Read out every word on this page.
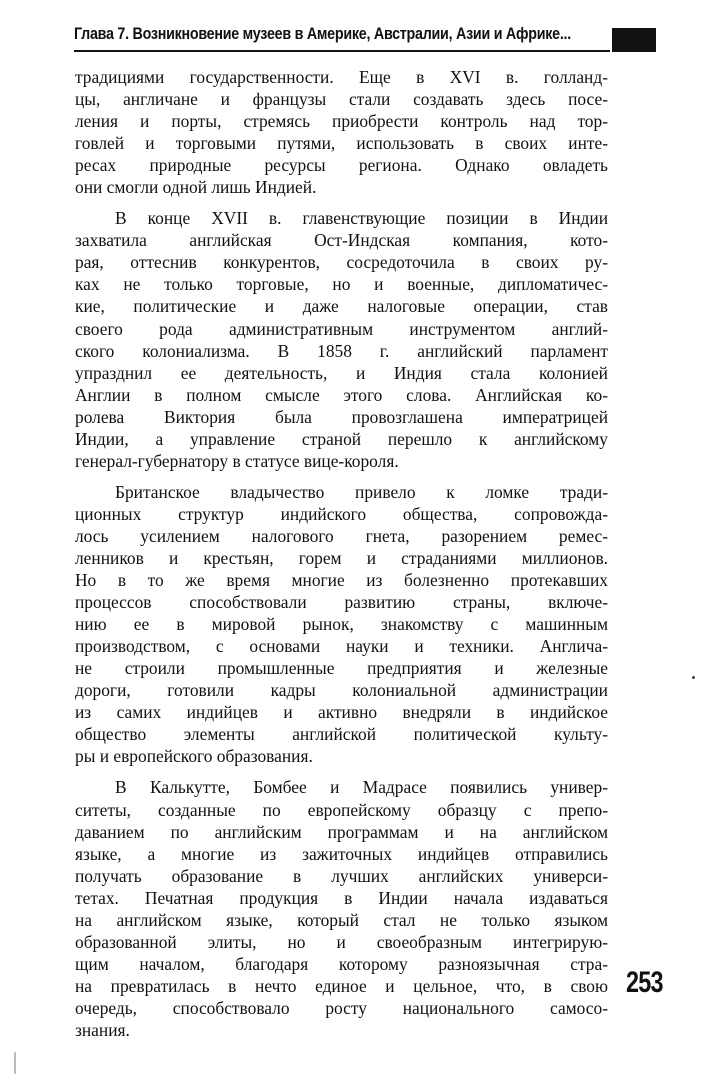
Глава 7. Возникновение музеев в Америке, Австралии, Азии и Африке...
традициями государственности. Еще в XVI в. голланд-
цы, англичане и французы стали создавать здесь посе-
ления и порты, стремясь приобрести контроль над тор-
говлей и торговыми путями, использовать в своих инте-
ресах природные ресурсы региона. Однако овладеть
они смогли одной лишь Индией.
В конце XVII в. главенствующие позиции в Индии
захватила английская Ост-Индская компания, кото-
рая, оттеснив конкурентов, сосредоточила в своих ру-
ках не только торговые, но и военные, дипломатичес-
кие, политические и даже налоговые операции, став
своего рода административным инструментом англий-
ского колониализма. В 1858 г. английский парламент
упразднил ее деятельность, и Индия стала колонией
Англии в полном смысле этого слова. Английская ко-
ролева Виктория была провозглашена императрицей
Индии, а управление страной перешло к английскому
генерал-губернатору в статусе вице-короля.
Британское владычество привело к ломке тради-
ционных структур индийского общества, сопровожда-
лось усилением налогового гнета, разорением ремес-
ленников и крестьян, горем и страданиями миллионов.
Но в то же время многие из болезненно протекавших
процессов способствовали развитию страны, включе-
нию ее в мировой рынок, знакомству с машинным
производством, с основами науки и техники. Англича-
не строили промышленные предприятия и железные
дороги, готовили кадры колониальной администрации
из самих индийцев и активно внедряли в индийское
общество элементы английской политической культу-
ры и европейского образования.
В Калькутте, Бомбее и Мадрасе появились универ-
ситеты, созданные по европейскому образцу с препо-
даванием по английским программам и на английском
языке, а многие из зажиточных индийцев отправились
получать образование в лучших английских универси-
тетах. Печатная продукция в Индии начала издаваться
на английском языке, который стал не только языком
образованной элиты, но и своеобразным интегрирую-
щим началом, благодаря которому разноязычная стра-
на превратилась в нечто единое и цельное, что, в свою
очередь, способствовало росту национального самосо-
знания.
253
